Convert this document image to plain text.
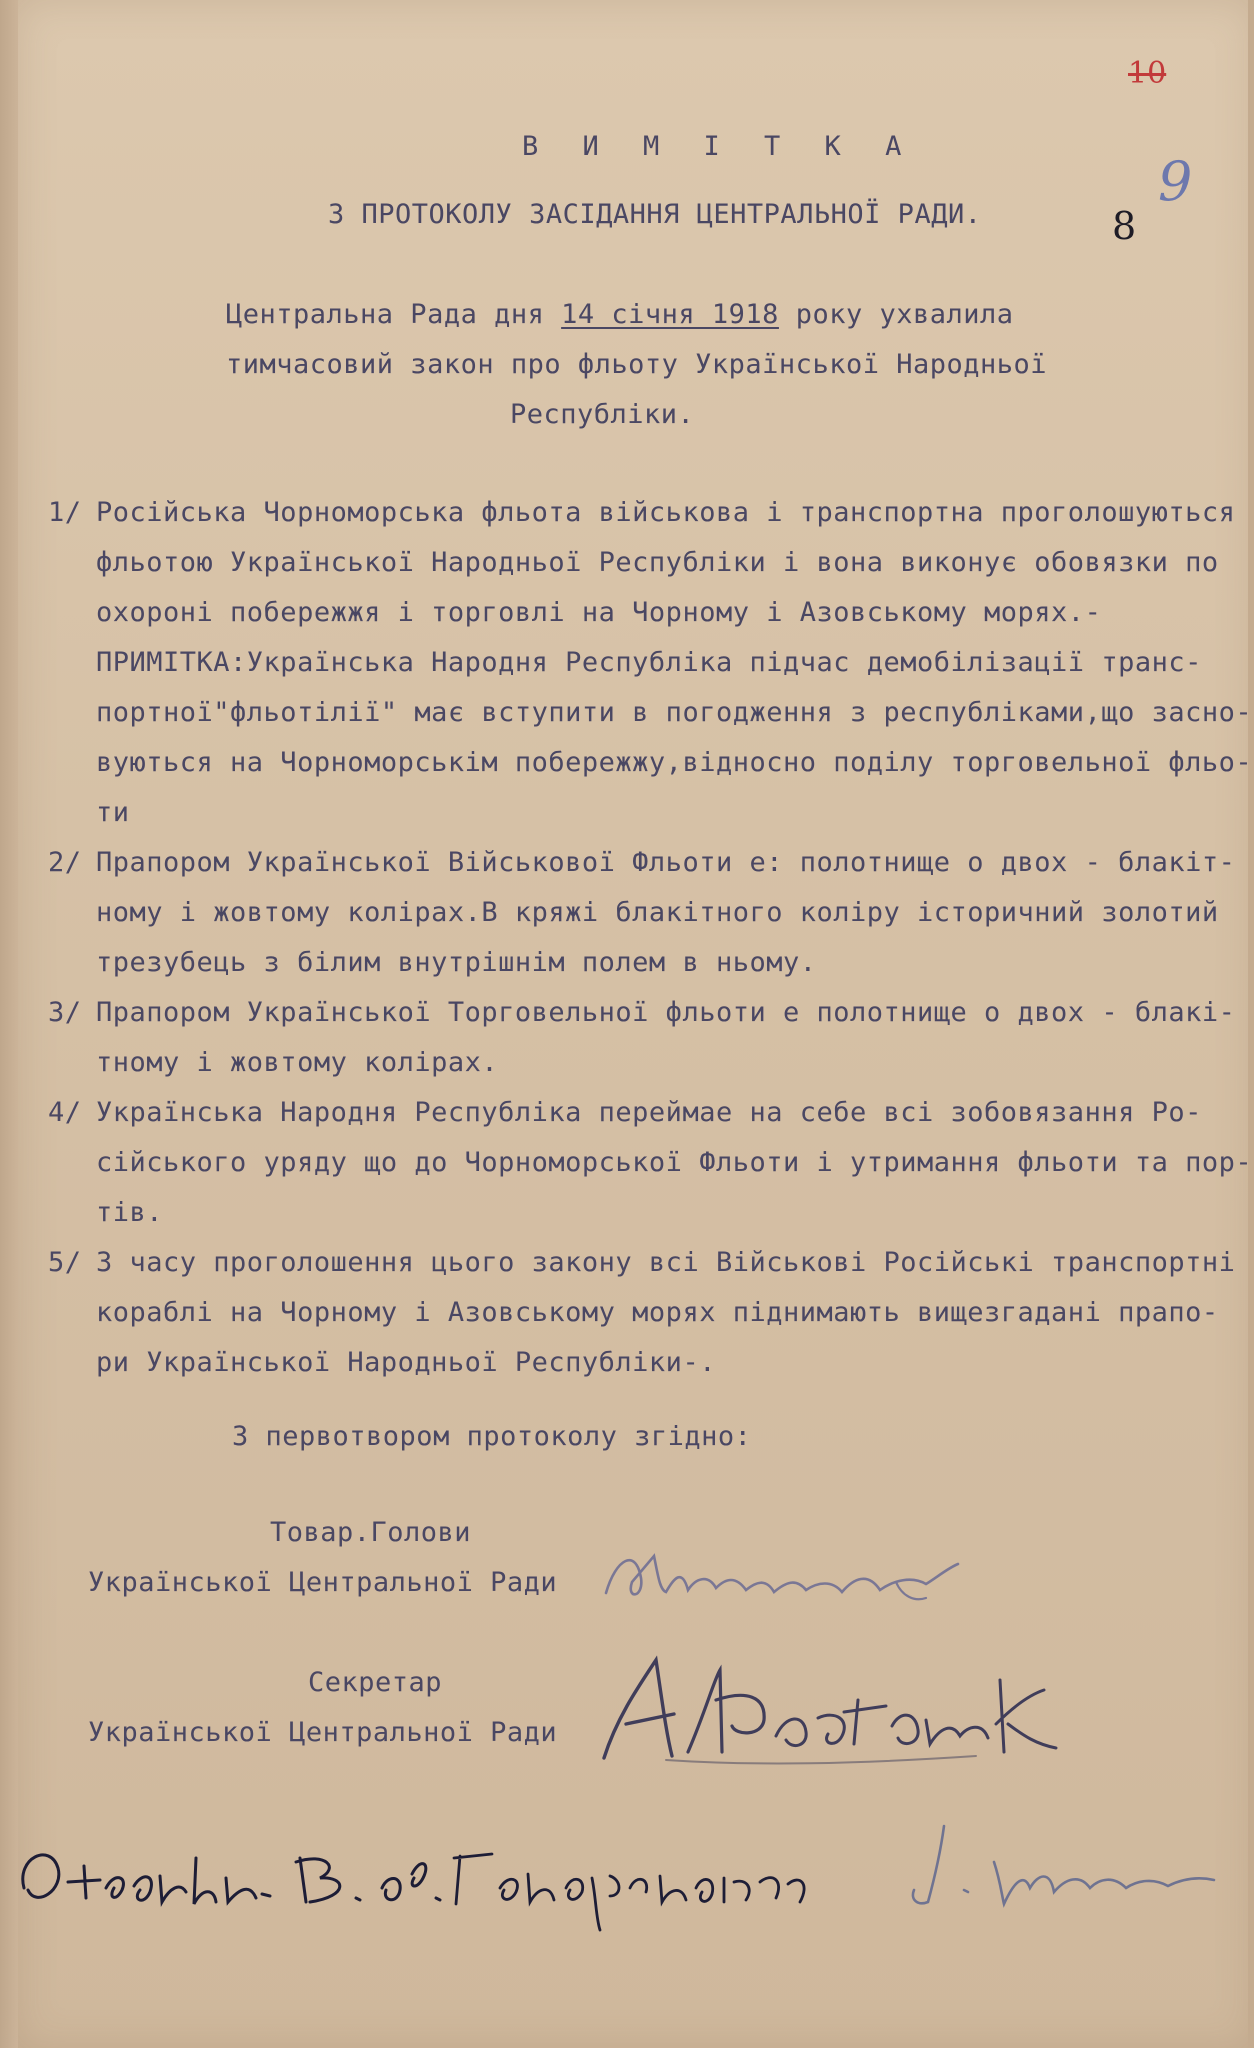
10
8
9
В И М І Т К А
З ПРОТОКОЛУ ЗАСІДАННЯ ЦЕНТРАЛЬНОЇ РАДИ.
Центральна Рада дня 14 січня 1918 року ухвалила
тимчасовий закон про фльоту Української Народньої
Республіки.
1/ Російська Чорноморська фльота військова і транспортна проголошуються
фльотою Української Народньої Республіки і вона виконує обовязки по
охороні побережжя і торговлі на Чорному і Азовському морях.-
ПРИМІТКА:Українська Народня Республіка підчас демобілізації транс-
портної"фльотілії" має вступити в погодження з республіками,що засно-
вуються на Чорноморськім побережжу,відносно поділу торговельної фльо-
ти
2/ Прапором Української Військової Фльоти е: полотнище о двох - блакіт-
ному і жовтому колірах.В кряжі блакітного коліру історичний золотий
трезубець з білим внутрішнім полем в ньому.
3/ Прапором Української Торговельної фльоти е полотнище о двох - блакі-
тному і жовтому колірах.
4/ Українська Народня Республіка переймае на себе всі зобовязання Ро-
сійського уряду що до Чорноморської Фльоти і утримання фльоти та пор-
тів.
5/ З часу проголошення цього закону всі Військові Російські транспортні
кораблі на Чорному і Азовському морях піднимають вищезгадані прапо-
ри Української Народньої Республіки-.
З первотвором протоколу згідно:
Товар.Голови
Української Центральної Ради
Секретар
Української Центральної Ради
